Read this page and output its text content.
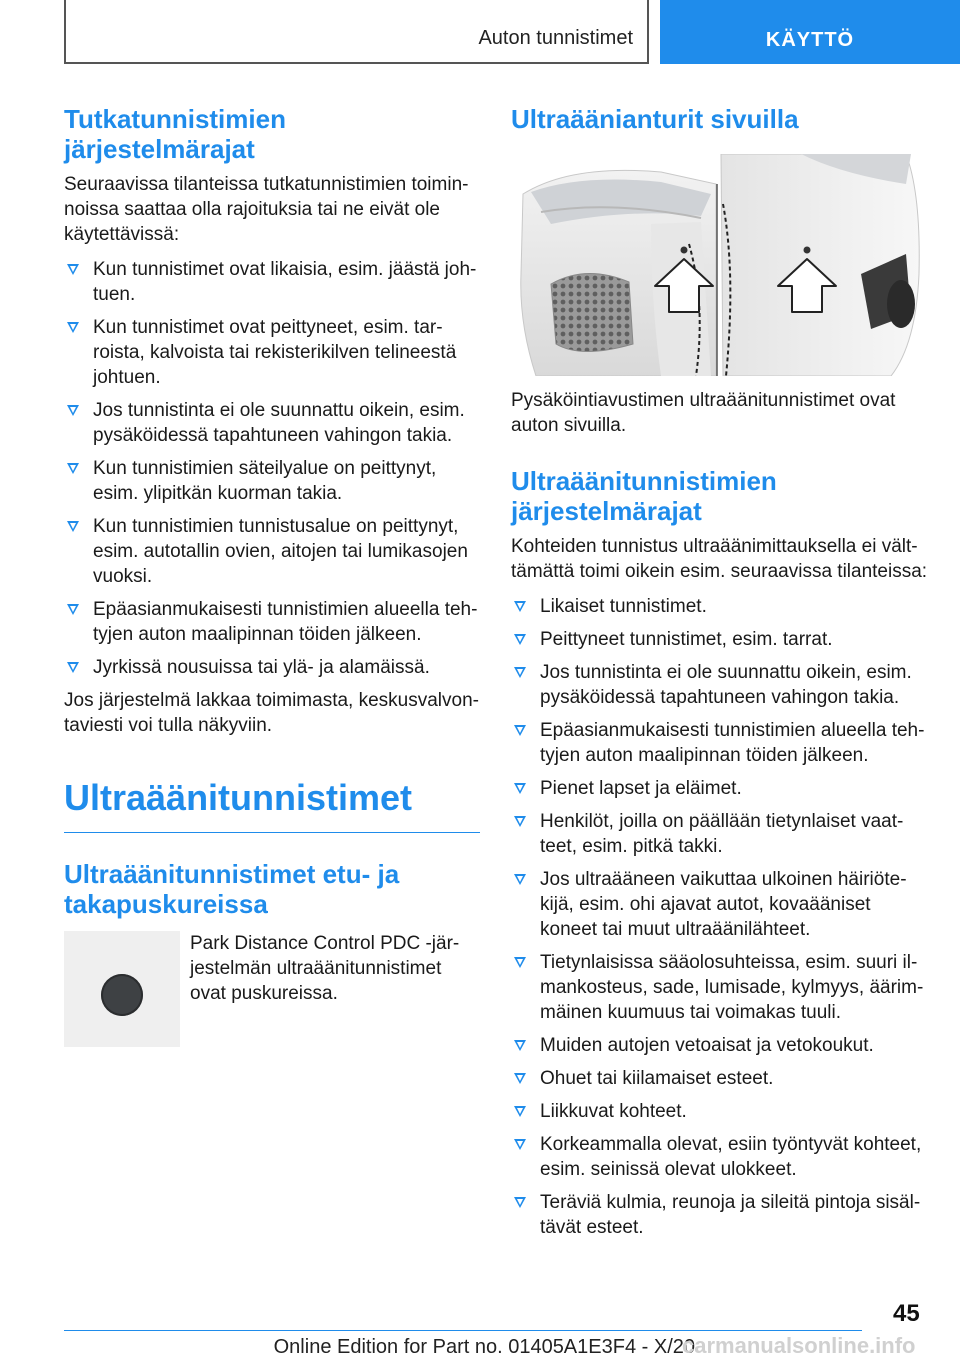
Auton tunnistimet	KÄYTTÖ
Tutkatunnistimien järjestelmärajat
Seuraavissa tilanteissa tutkatunnistimien toiminnoissa saattaa olla rajoituksia tai ne eivät ole käytettävissä:
Kun tunnistimet ovat likaisia, esim. jäästä johtuen.
Kun tunnistimet ovat peittyneet, esim. tarroista, kalvoista tai rekisterikilven telineestä johtuen.
Jos tunnistinta ei ole suunnattu oikein, esim. pysäköidessä tapahtuneen vahingon takia.
Kun tunnistimien säteilyalue on peittynyt, esim. ylipitkän kuorman takia.
Kun tunnistimien tunnistusalue on peittynyt, esim. autotallin ovien, aitojen tai lumikasojen vuoksi.
Epäasianmukaisesti tunnistimien alueella tehtyjen auton maalipinnan töiden jälkeen.
Jyrkissä nousuissa tai ylä- ja alamäissä.
Jos järjestelmä lakkaa toimimasta, keskusvalvontaviesti voi tulla näkyviin.
Ultraäänitunnistimet
Ultraäänitunnistimet etu- ja takapuskureissa
Park Distance Control PDC -järjestelmän ultraäänitunnistimet ovat puskureissa.
Ultraäänianturit sivuilla
Pysäköintiavustimen ultraäänitunnistimet ovat auton sivuilla.
Ultraäänitunnistimien järjestelmärajat
Kohteiden tunnistus ultraäänimittauksella ei välttämättä toimi oikein esim. seuraavissa tilanteissa:
Likaiset tunnistimet.
Peittyneet tunnistimet, esim. tarrat.
Jos tunnistinta ei ole suunnattu oikein, esim. pysäköidessä tapahtuneen vahingon takia.
Epäasianmukaisesti tunnistimien alueella tehtyjen auton maalipinnan töiden jälkeen.
Pienet lapset ja eläimet.
Henkilöt, joilla on päällään tietynlaiset vaatteet, esim. pitkä takki.
Jos ultraääneen vaikuttaa ulkoinen häiriötekijä, esim. ohi ajavat autot, kovaääniset koneet tai muut ultraäänilähteet.
Tietynlaisissa sääolosuhteissa, esim. suuri ilmankosteus, sade, lumisade, kylmyys, äärimmäinen kuumuus tai voimakas tuuli.
Muiden autojen vetoaisat ja vetokoukut.
Ohuet tai kiilamaiset esteet.
Liikkuvat kohteet.
Korkeammalla olevat, esiin työntyvät kohteet, esim. seinissä olevat ulokkeet.
Teräviä kulmia, reunoja ja sileitä pintoja sisältävät esteet.
45
Online Edition for Part no. 01405A1E3F4 - X/20
carmanualsonline.info
